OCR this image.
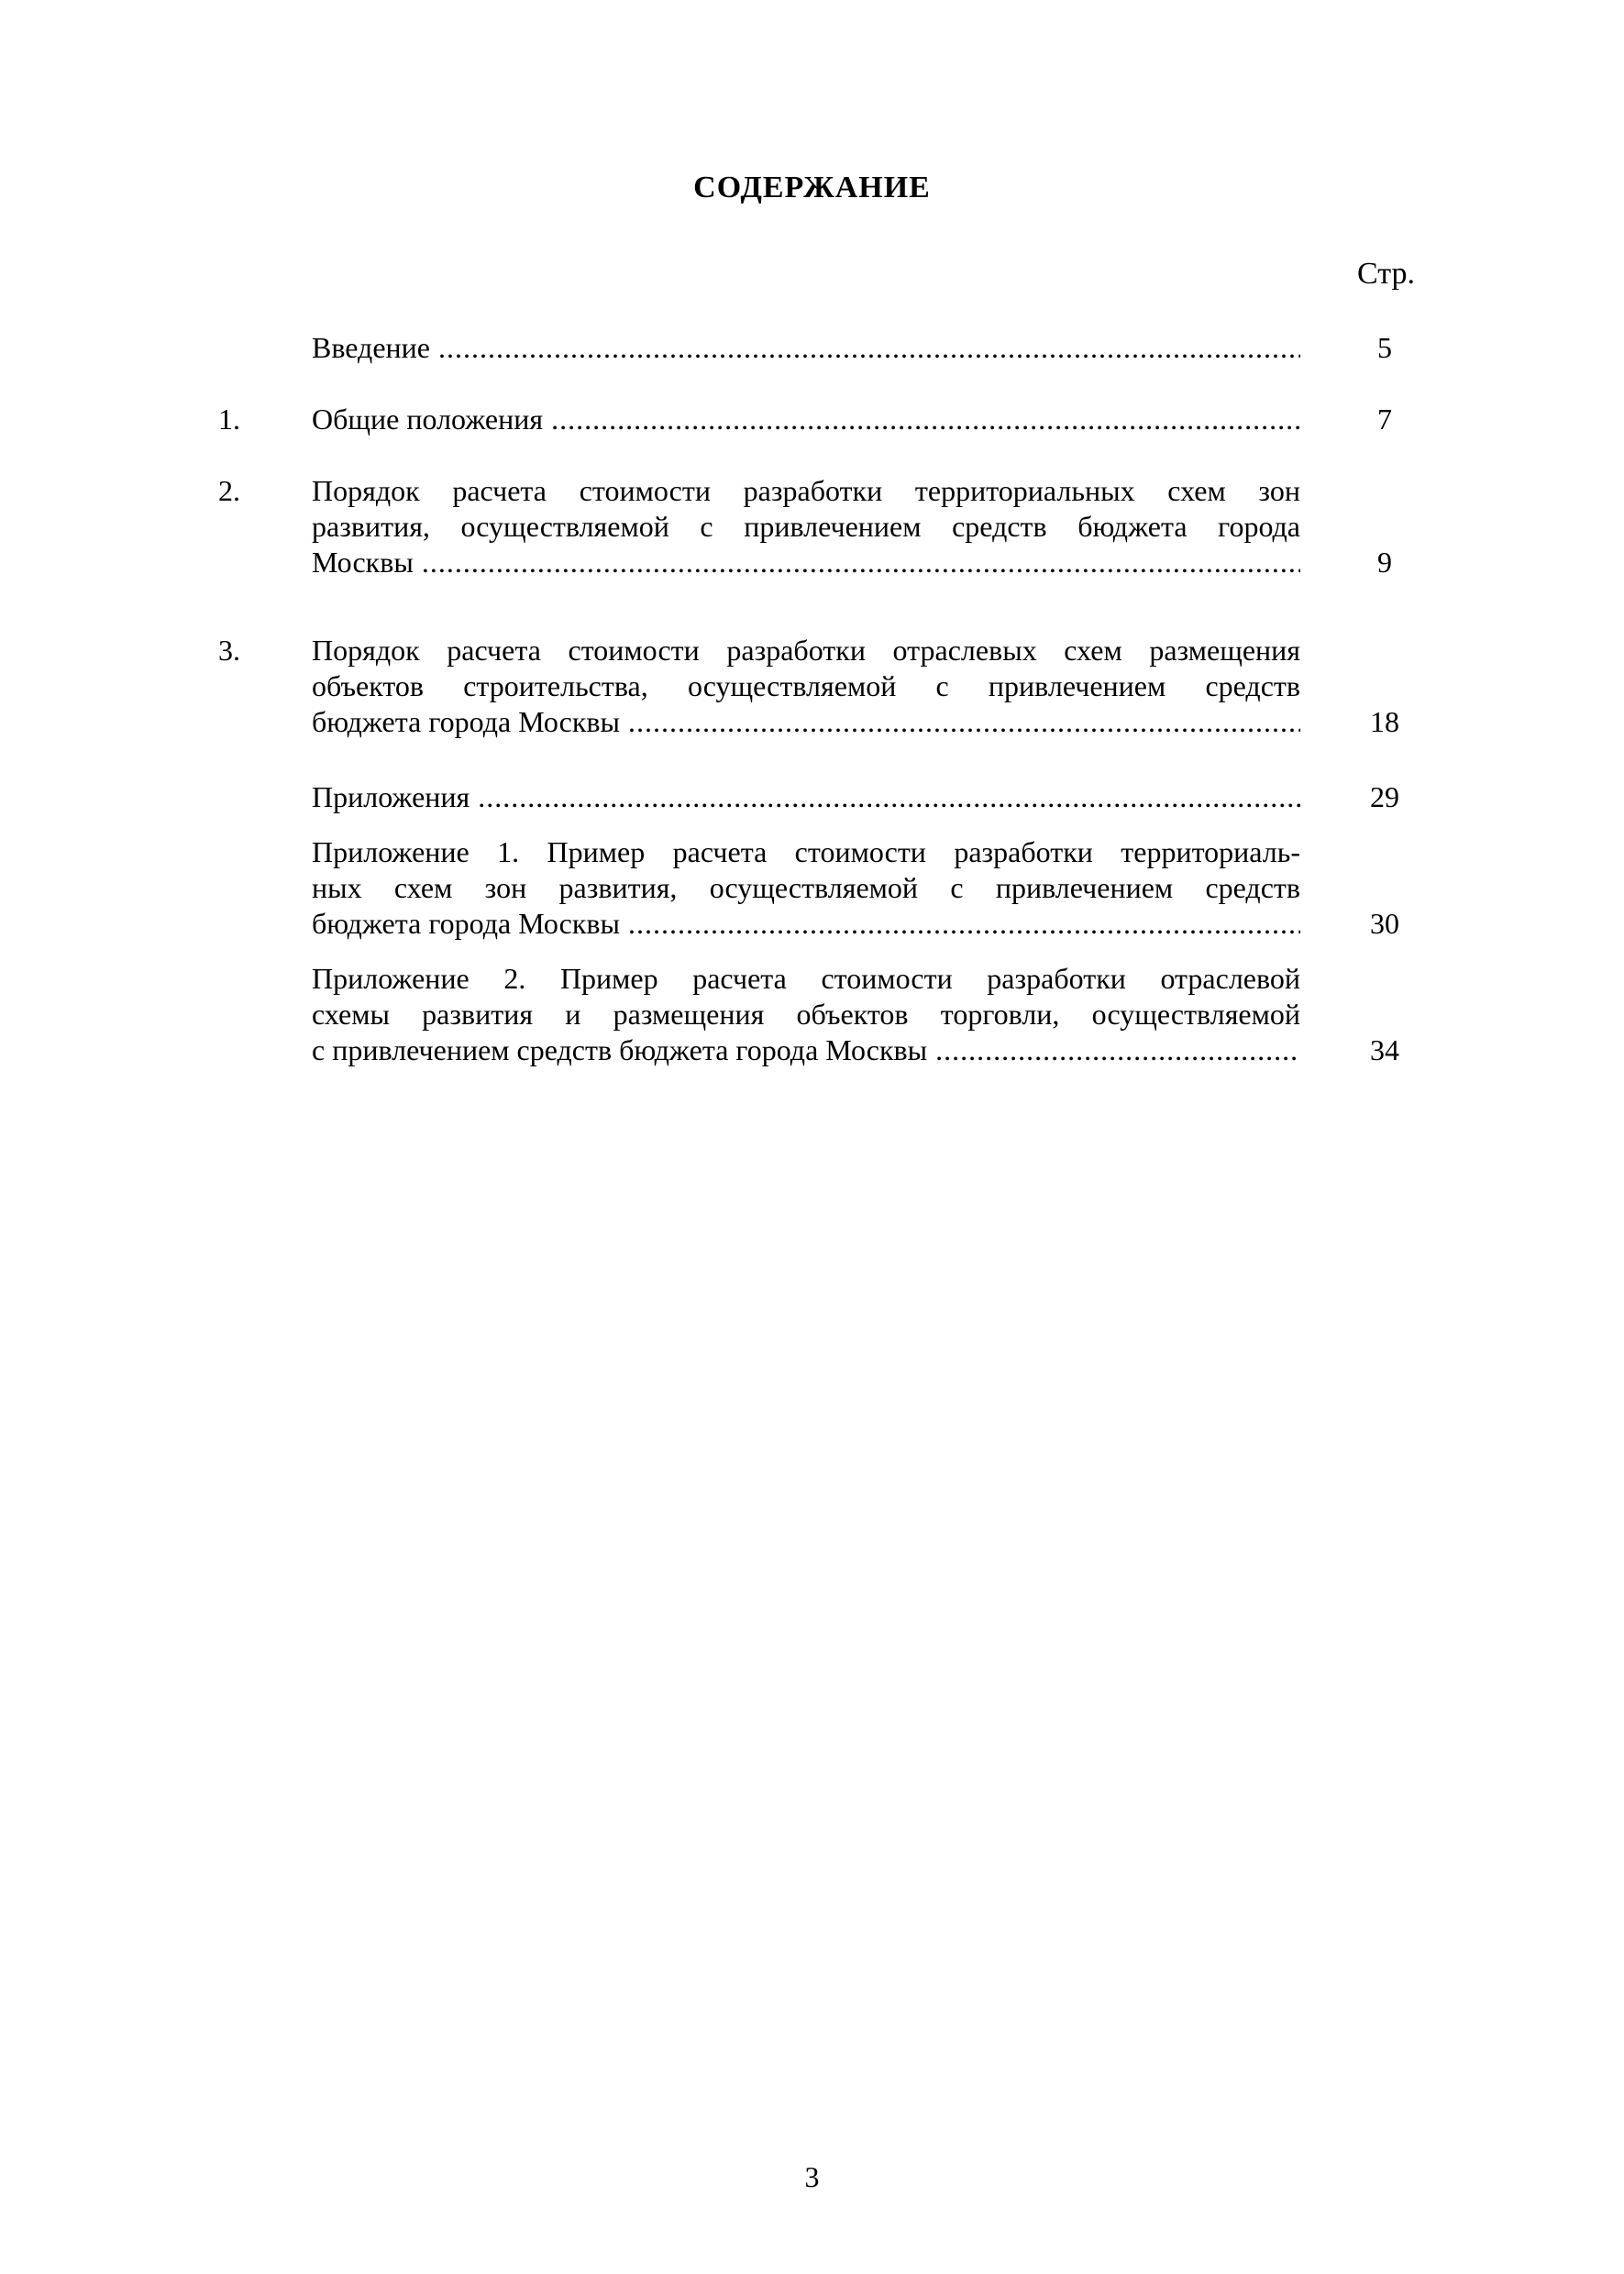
СОДЕРЖАНИЕ
Стр.
Введение .....	5
1. Общие положения .....	7
2. Порядок расчета стоимости разработки территориальных схем зон
развития, осуществляемой с привлечением средств бюджета города
Москвы .....	9
3. Порядок расчета стоимости разработки отраслевых схем размещения
объектов строительства, осуществляемой с привлечением средств
бюджета города Москвы .....	18
Приложения .....	29
Приложение 1. Пример расчета стоимости разработки территориаль-
ных схем зон развития, осуществляемой с привлечением средств
бюджета города Москвы .....	30
Приложение 2. Пример расчета стоимости разработки отраслевой
схемы развития и размещения объектов торговли, осуществляемой
с привлечением средств бюджета города Москвы .....	34
3
